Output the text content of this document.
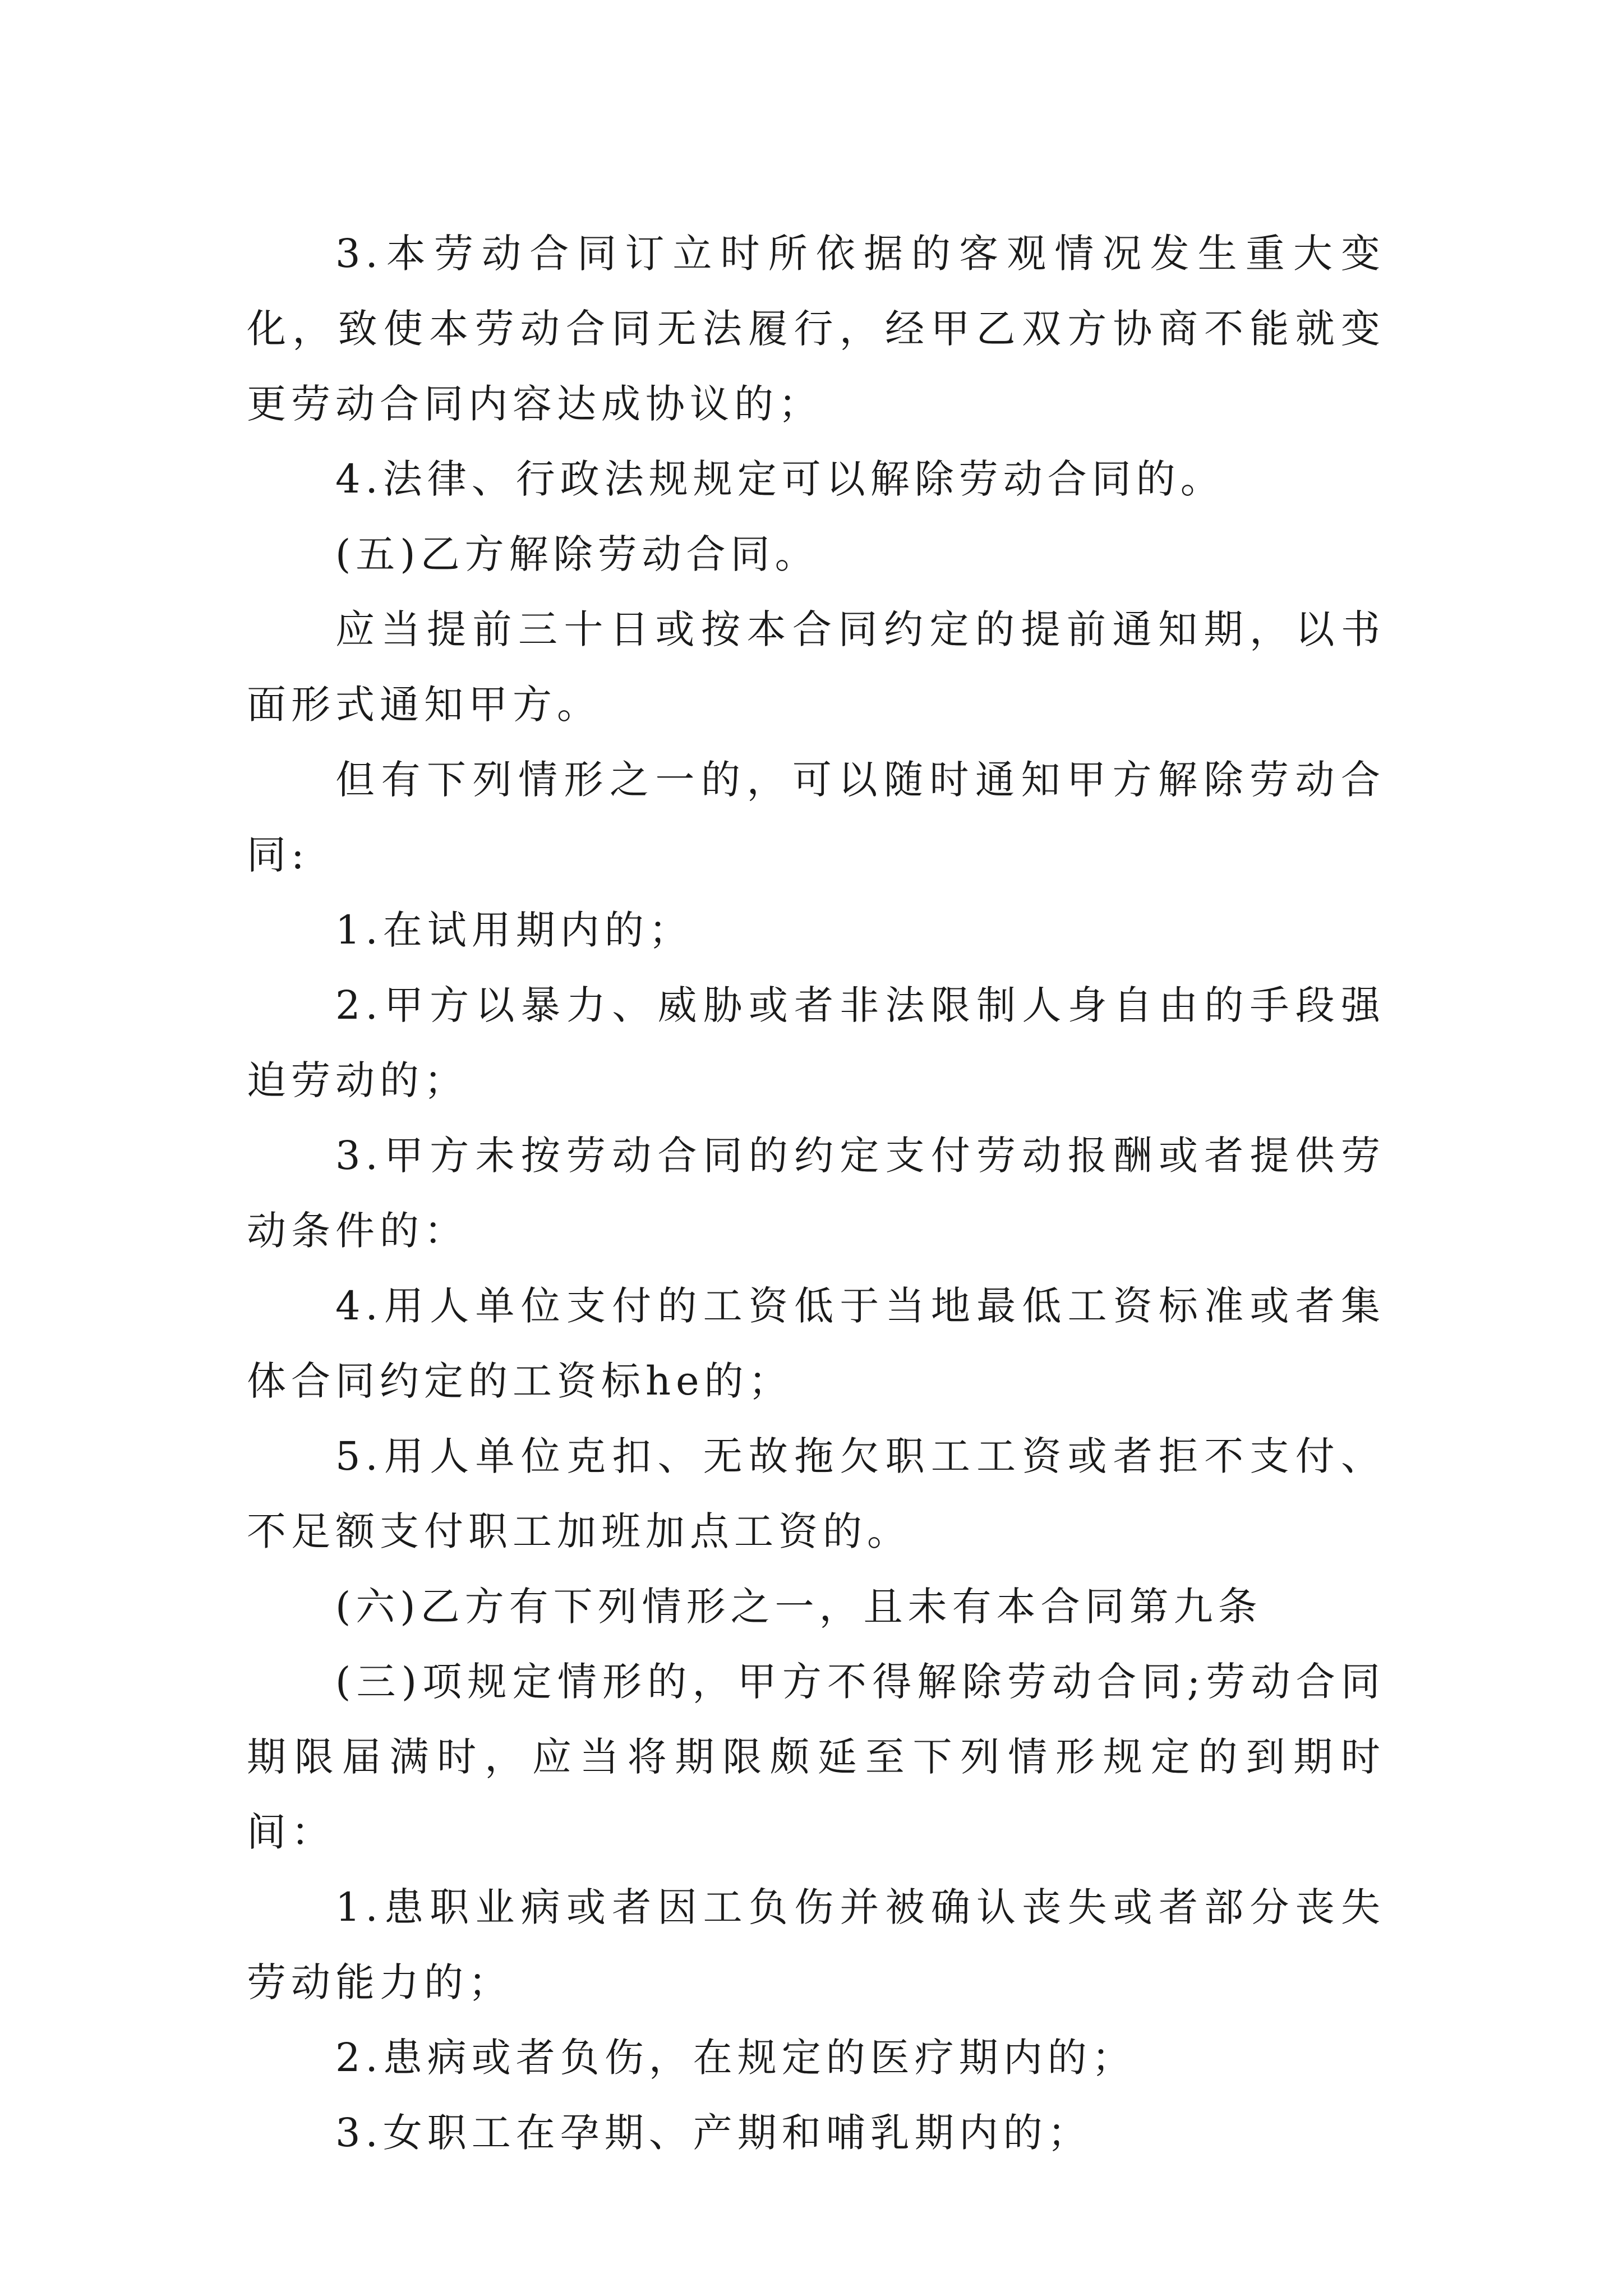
3.本劳动合同订立时所依据的客观情况发生重大变化，致使本劳动合同无法履行，经甲乙双方协商不能就变更劳动合同内容达成协议的；

4.法律、行政法规规定可以解除劳动合同的。

(五)乙方解除劳动合同。

应当提前三十日或按本合同约定的提前通知期，以书面形式通知甲方。

但有下列情形之一的，可以随时通知甲方解除劳动合同:

1.在试用期内的；

2.甲方以暴力、威胁或者非法限制人身自由的手段强迫劳动的；

3.甲方未按劳动合同的约定支付劳动报酬或者提供劳动条件的：

4.用人单位支付的工资低于当地最低工资标准或者集体合同约定的工资标he的；

5.用人单位克扣、无故拖欠职工工资或者拒不支付、不足额支付职工加班加点工资的。

(六)乙方有下列情形之一，且未有本合同第九条

(三)项规定情形的，甲方不得解除劳动合同;劳动合同期限届满时，应当将期限颇延至下列情形规定的到期时间：

1.患职业病或者因工负伤并被确认丧失或者部分丧失劳动能力的；

2.患病或者负伤，在规定的医疗期内的；

3.女职工在孕期、产期和哺乳期内的；
